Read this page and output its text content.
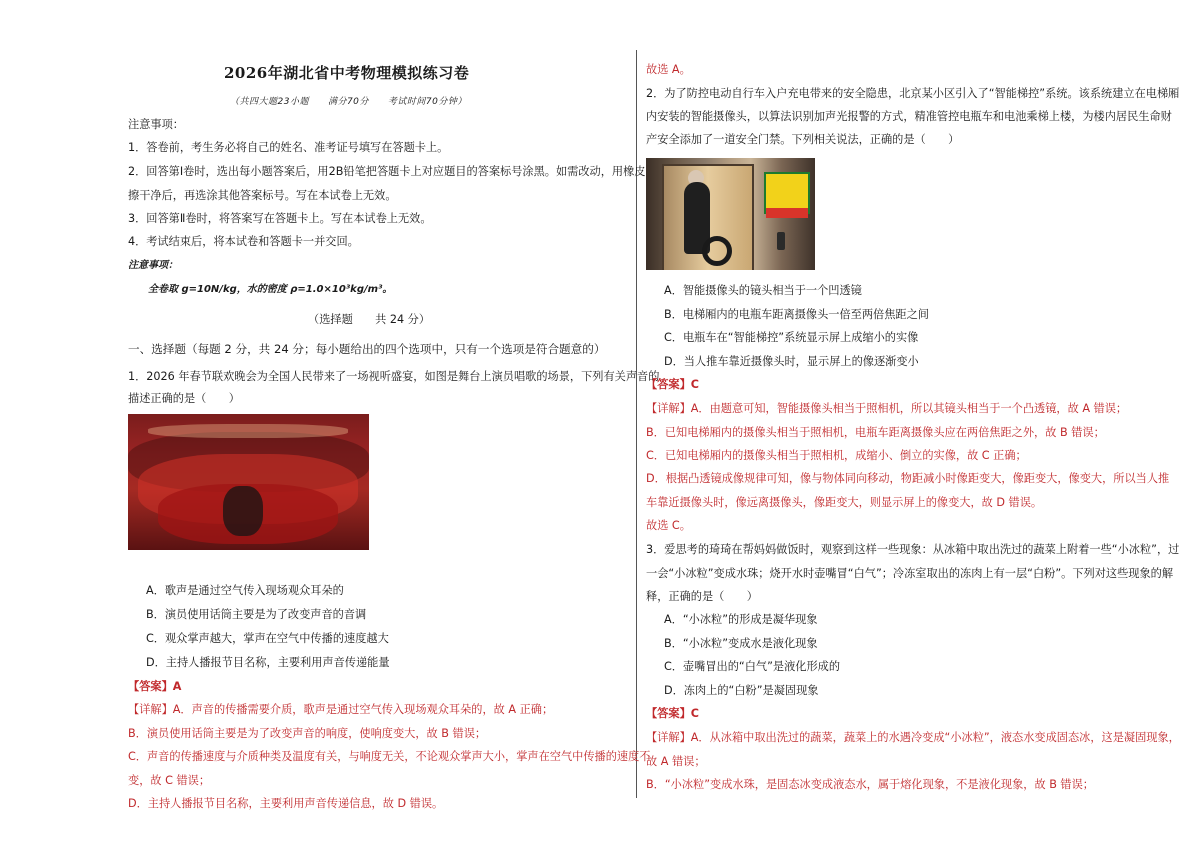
2026年湖北省中考物理模拟练习卷
（共四大题23小题　　满分70分　　考试时间70分钟）
注意事项：
1．答卷前，考生务必将自己的姓名、准考证号填写在答题卡上。
2．回答第Ⅰ卷时，选出每小题答案后，用2B铅笔把答题卡上对应题目的答案标号涂黑。如需改动，用橡皮
擦干净后，再选涂其他答案标号。写在本试卷上无效。
3．回答第Ⅱ卷时，将答案写在答题卡上。写在本试卷上无效。
4．考试结束后，将本试卷和答题卡一并交回。
注意事项：
全卷取 g=10N/kg，水的密度 ρ=1.0×10³kg/m³。
（选择题　　共 24 分）
一、选择题（每题 2 分，共 24 分；每小题给出的四个选项中，只有一个选项是符合题意的）
1．2026 年春节联欢晚会为全国人民带来了一场视听盛宴，如图是舞台上演员唱歌的场景，下列有关声音的
描述正确的是（　　）
A．歌声是通过空气传入现场观众耳朵的
B．演员使用话筒主要是为了改变声音的音调
C．观众掌声越大，掌声在空气中传播的速度越大
D．主持人播报节目名称，主要利用声音传递能量
【答案】A
【详解】A．声音的传播需要介质，歌声是通过空气传入现场观众耳朵的，故 A 正确；
B．演员使用话筒主要是为了改变声音的响度，使响度变大，故 B 错误；
C．声音的传播速度与介质种类及温度有关，与响度无关，不论观众掌声大小，掌声在空气中传播的速度不
变，故 C 错误；
D．主持人播报节目名称，主要利用声音传递信息，故 D 错误。
故选 A。
2．为了防控电动自行车入户充电带来的安全隐患，北京某小区引入了“智能梯控”系统。该系统建立在电梯厢
内安装的智能摄像头，以算法识别加声光报警的方式，精准管控电瓶车和电池乘梯上楼，为楼内居民生命财
产安全添加了一道安全门禁。下列相关说法，正确的是（　　）
A．智能摄像头的镜头相当于一个凹透镜
B．电梯厢内的电瓶车距离摄像头一倍至两倍焦距之间
C．电瓶车在“智能梯控”系统显示屏上成缩小的实像
D．当人推车靠近摄像头时，显示屏上的像逐渐变小
【答案】C
【详解】A．由题意可知，智能摄像头相当于照相机，所以其镜头相当于一个凸透镜，故 A 错误；
B．已知电梯厢内的摄像头相当于照相机，电瓶车距离摄像头应在两倍焦距之外，故 B 错误；
C．已知电梯厢内的摄像头相当于照相机，成缩小、倒立的实像，故 C 正确；
D．根据凸透镜成像规律可知，像与物体同向移动，物距减小时像距变大，像距变大，像变大，所以当人推
车靠近摄像头时，像远离摄像头，像距变大，则显示屏上的像变大，故 D 错误。
故选 C。
3．爱思考的琦琦在帮妈妈做饭时，观察到这样一些现象：从冰箱中取出洗过的蔬菜上附着一些“小冰粒”，过
一会“小冰粒”变成水珠；烧开水时壶嘴冒“白气”；冷冻室取出的冻肉上有一层“白粉”。下列对这些现象的解
释，正确的是（　　）
A．“小冰粒”的形成是凝华现象
B．“小冰粒”变成水是液化现象
C．壶嘴冒出的“白气”是液化形成的
D．冻肉上的“白粉”是凝固现象
【答案】C
【详解】A．从冰箱中取出洗过的蔬菜，蔬菜上的水遇冷变成“小冰粒”，液态水变成固态冰，这是凝固现象，
故 A 错误；
B．“小冰粒”变成水珠，是固态冰变成液态水，属于熔化现象，不是液化现象，故 B 错误；
